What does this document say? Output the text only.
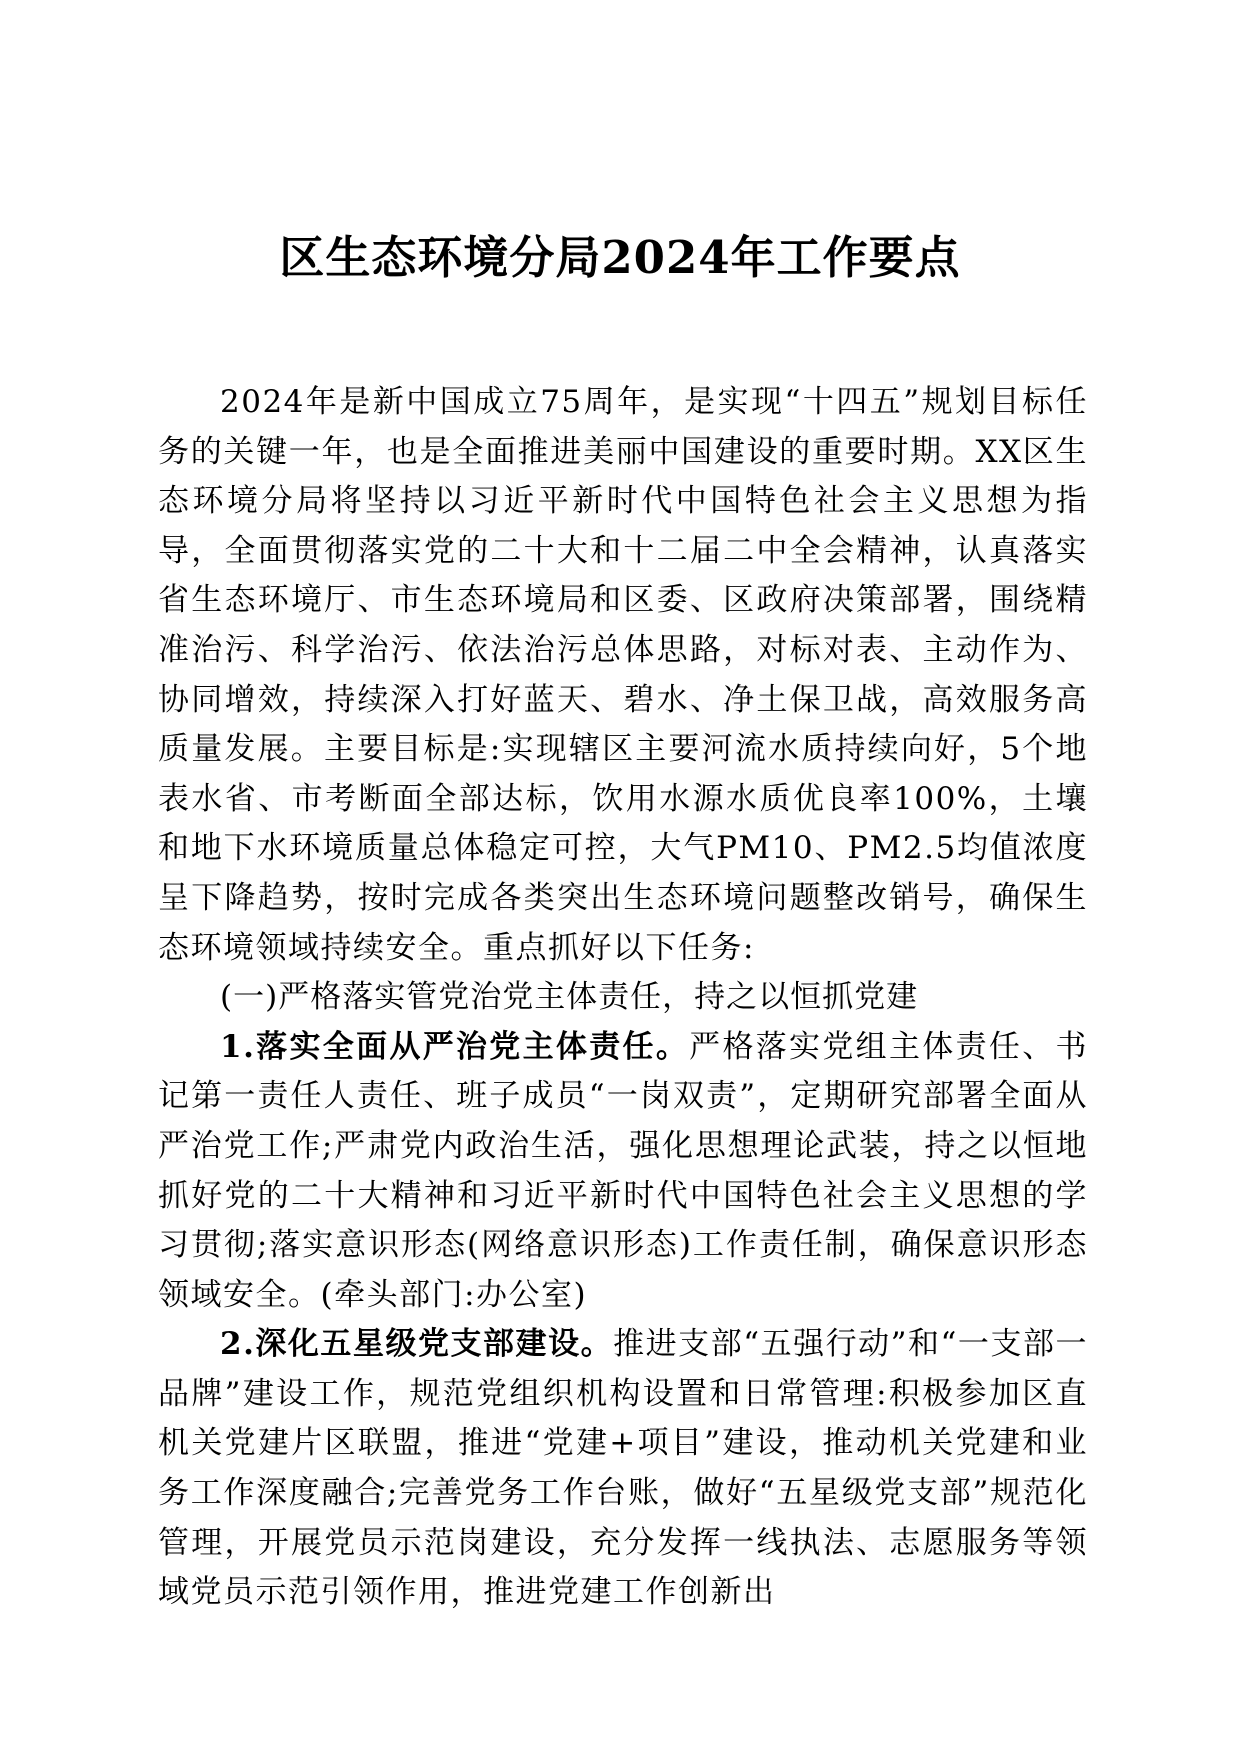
区生态环境分局2024年工作要点

2024年是新中国成立75周年，是实现“十四五”规划目标任务的关键一年，也是全面推进美丽中国建设的重要时期。XX区生态环境分局将坚持以习近平新时代中国特色社会主义思想为指导，全面贯彻落实党的二十大和十二届二中全会精神，认真落实省生态环境厅、市生态环境局和区委、区政府决策部署，围绕精准治污、科学治污、依法治污总体思路，对标对表、主动作为、协同增效，持续深入打好蓝天、碧水、净土保卫战，高效服务高质量发展。主要目标是:实现辖区主要河流水质持续向好，5个地表水省、市考断面全部达标，饮用水源水质优良率100%，土壤和地下水环境质量总体稳定可控，大气PM10、PM2.5均值浓度呈下降趋势，按时完成各类突出生态环境问题整改销号，确保生态环境领域持续安全。重点抓好以下任务:

(一)严格落实管党治党主体责任，持之以恒抓党建

1.落实全面从严治党主体责任。严格落实党组主体责任、书记第一责任人责任、班子成员“一岗双责”，定期研究部署全面从严治党工作;严肃党内政治生活，强化思想理论武装，持之以恒地抓好党的二十大精神和习近平新时代中国特色社会主义思想的学习贯彻;落实意识形态(网络意识形态)工作责任制，确保意识形态领域安全。(牵头部门:办公室)

2.深化五星级党支部建设。推进支部“五强行动”和“一支部一品牌”建设工作，规范党组织机构设置和日常管理:积极参加区直机关党建片区联盟，推进“党建+项目”建设，推动机关党建和业务工作深度融合;完善党务工作台账，做好“五星级党支部”规范化管理，开展党员示范岗建设，充分发挥一线执法、志愿服务等领域党员示范引领作用，推进党建工作创新出
